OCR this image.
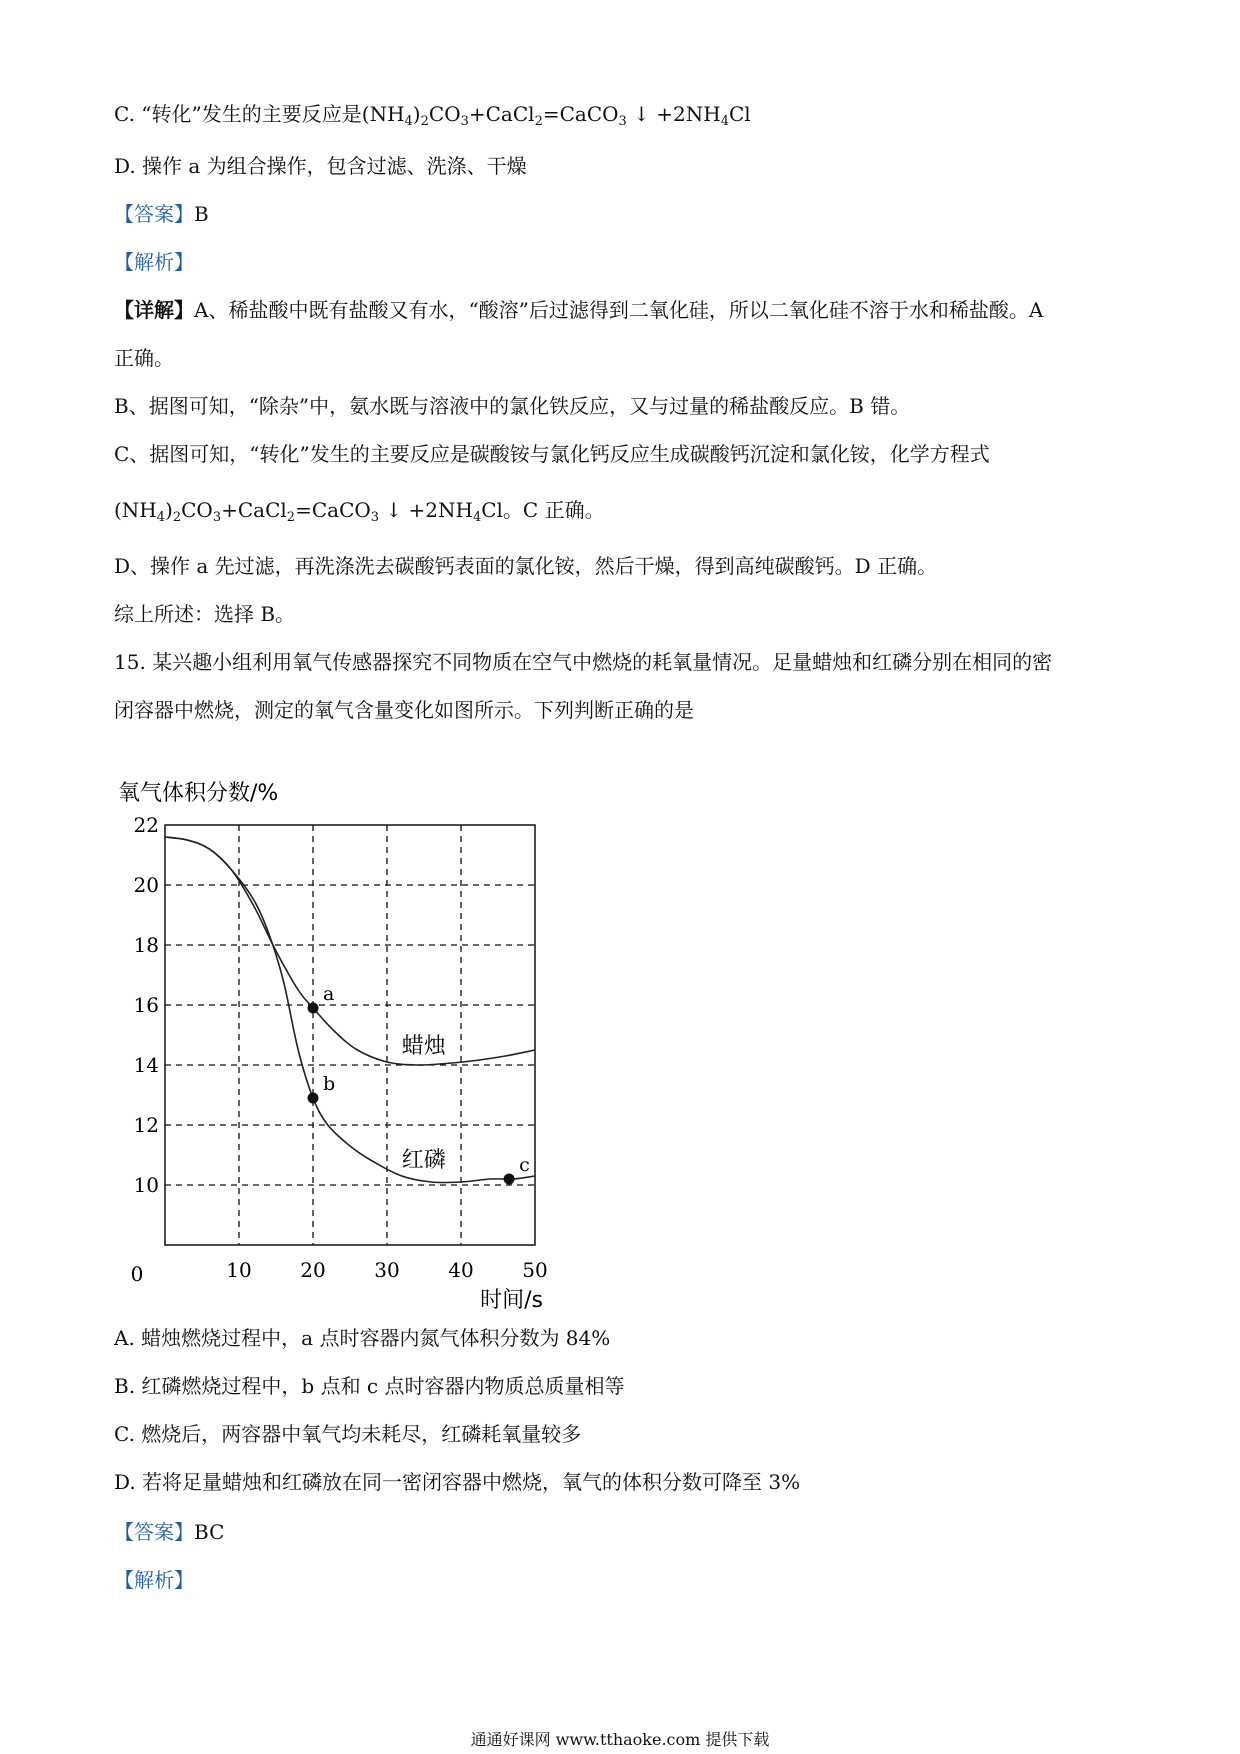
C. “转化”发生的主要反应是$(NH_4)_2CO_3+CaCl_2=CaCO_3$ ↓ $+2NH_4Cl$
D. 操作 a 为组合操作，包含过滤、洗涤、干燥
【答案】B
【解析】
【详解】A、稀盐酸中既有盐酸又有水，“酸溶”后过滤得到二氧化硅，所以二氧化硅不溶于水和稀盐酸。A
正确。
B、据图可知，“除杂”中，氨水既与溶液中的氯化铁反应，又与过量的稀盐酸反应。B 错。
C、据图可知，“转化”发生的主要反应是碳酸铵与氯化钙反应生成碳酸钙沉淀和氯化铵，化学方程式
$(NH_4)_2CO_3+CaCl_2=CaCO_3$ ↓ $+2NH_4Cl$。C 正确。
D、操作 a 先过滤，再洗涤洗去碳酸钙表面的氯化铵，然后干燥，得到高纯碳酸钙。D 正确。
综上所述：选择 B。
15. 某兴趣小组利用氧气传感器探究不同物质在空气中燃烧的耗氧量情况。足量蜡烛和红磷分别在相同的密
闭容器中燃烧，测定的氧气含量变化如图所示。下列判断正确的是
10 20 30 40 50
10
12
14
16
18
20
22
0
氧气体积分数/%
时间/s
蜡烛
红磷
a
b
c
A. 蜡烛燃烧过程中，a 点时容器内氮气体积分数为 84%
B. 红磷燃烧过程中，b 点和 c 点时容器内物质总质量相等
C. 燃烧后，两容器中氧气均未耗尽，红磷耗氧量较多
D. 若将足量蜡烛和红磷放在同一密闭容器中燃烧，氧气的体积分数可降至 3%
【答案】BC
【解析】
通通好课网 www.tthaoke.com 提供下载
